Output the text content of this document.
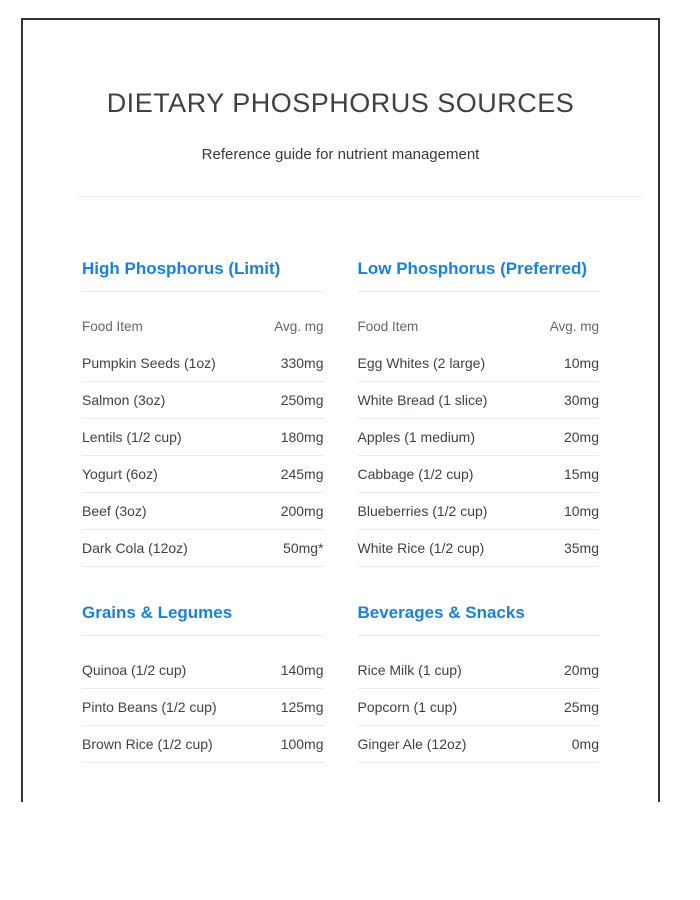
DIETARY PHOSPHORUS SOURCES
Reference guide for nutrient management
High Phosphorus (Limit)
Food Item	Avg. mg
Pumpkin Seeds (1oz)	330mg
Salmon (3oz)	250mg
Lentils (1/2 cup)	180mg
Yogurt (6oz)	245mg
Beef (3oz)	200mg
Dark Cola (12oz)	50mg*
Low Phosphorus (Preferred)
Food Item	Avg. mg
Egg Whites (2 large)	10mg
White Bread (1 slice)	30mg
Apples (1 medium)	20mg
Cabbage (1/2 cup)	15mg
Blueberries (1/2 cup)	10mg
White Rice (1/2 cup)	35mg
Grains & Legumes
Quinoa (1/2 cup)	140mg
Pinto Beans (1/2 cup)	125mg
Brown Rice (1/2 cup)	100mg
Beverages & Snacks
Rice Milk (1 cup)	20mg
Popcorn (1 cup)	25mg
Ginger Ale (12oz)	0mg
